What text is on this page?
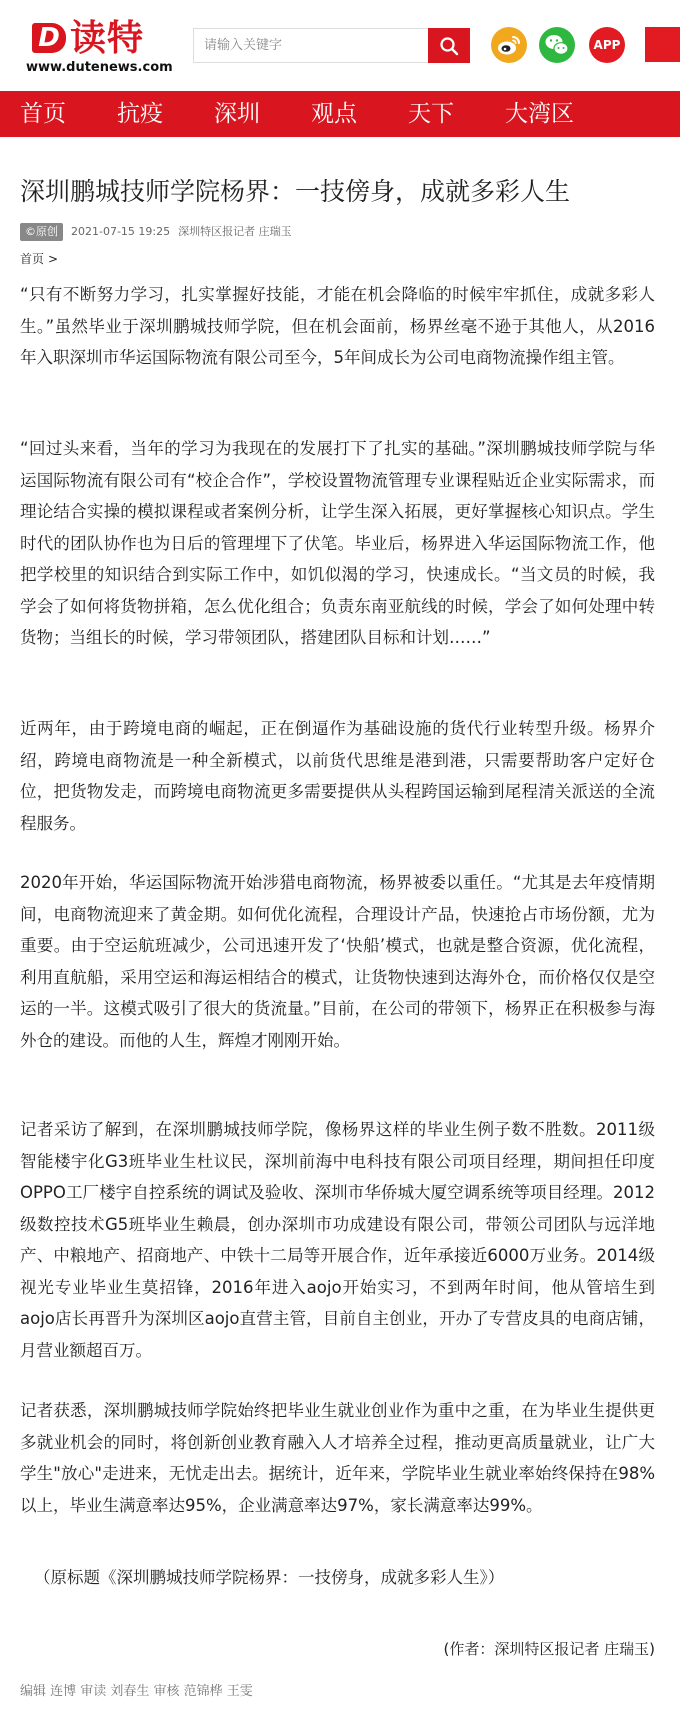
D 读特
www.dutenews.com
请输入关键字
APP
首页 抗疫 深圳 观点 天下 大湾区
深圳鹏城技师学院杨界：一技傍身，成就多彩人生
©原创 2021-07-15 19:25 深圳特区报记者 庄瑞玉
首页 >

“只有不断努力学习，扎实掌握好技能，才能在机会降临的时候牢牢抓住，成就多彩人生。”虽然毕业于深圳鹏城技师学院，但在机会面前，杨界丝毫不逊于其他人，从2016年入职深圳市华运国际物流有限公司至今，5年间成长为公司电商物流操作组主管。

“回过头来看，当年的学习为我现在的发展打下了扎实的基础。”深圳鹏城技师学院与华运国际物流有限公司有“校企合作”，学校设置物流管理专业课程贴近企业实际需求，而理论结合实操的模拟课程或者案例分析，让学生深入拓展，更好掌握核心知识点。学生时代的团队协作也为日后的管理埋下了伏笔。毕业后，杨界进入华运国际物流工作，他把学校里的知识结合到实际工作中，如饥似渴的学习，快速成长。“当文员的时候，我学会了如何将货物拼箱，怎么优化组合；负责东南亚航线的时候，学会了如何处理中转货物；当组长的时候，学习带领团队，搭建团队目标和计划……”

近两年，由于跨境电商的崛起，正在倒逼作为基础设施的货代行业转型升级。杨界介绍，跨境电商物流是一种全新模式，以前货代思维是港到港，只需要帮助客户定好仓位，把货物发走，而跨境电商物流更多需要提供从头程跨国运输到尾程清关派送的全流程服务。

2020年开始，华运国际物流开始涉猎电商物流，杨界被委以重任。“尤其是去年疫情期间，电商物流迎来了黄金期。如何优化流程，合理设计产品，快速抢占市场份额，尤为重要。由于空运航班减少，公司迅速开发了‘快船’模式，也就是整合资源，优化流程，利用直航船，采用空运和海运相结合的模式，让货物快速到达海外仓，而价格仅仅是空运的一半。这模式吸引了很大的货流量。”目前，在公司的带领下，杨界正在积极参与海外仓的建设。而他的人生，辉煌才刚刚开始。

记者采访了解到，在深圳鹏城技师学院，像杨界这样的毕业生例子数不胜数。2011级智能楼宇化G3班毕业生杜议民，深圳前海中电科技有限公司项目经理，期间担任印度OPPO工厂楼宇自控系统的调试及验收、深圳市华侨城大厦空调系统等项目经理。2012级数控技术G5班毕业生赖晨，创办深圳市功成建设有限公司，带领公司团队与远洋地产、中粮地产、招商地产、中铁十二局等开展合作，近年承接近6000万业务。2014级视光专业毕业生莫招锋，2016年进入aojo开始实习，不到两年时间，他从管培生到aojo店长再晋升为深圳区aojo直营主管，目前自主创业，开办了专营皮具的电商店铺，月营业额超百万。

记者获悉，深圳鹏城技师学院始终把毕业生就业创业作为重中之重，在为毕业生提供更多就业机会的同时，将创新创业教育融入人才培养全过程，推动更高质量就业，让广大学生"放心"走进来，无忧走出去。据统计，近年来，学院毕业生就业率始终保持在98%以上，毕业生满意率达95%，企业满意率达97%，家长满意率达99%。

（原标题《深圳鹏城技师学院杨界：一技傍身，成就多彩人生》）
(作者：深圳特区报记者 庄瑞玉)
编辑 连博 审读 刘春生 审核 范锦桦 王雯
